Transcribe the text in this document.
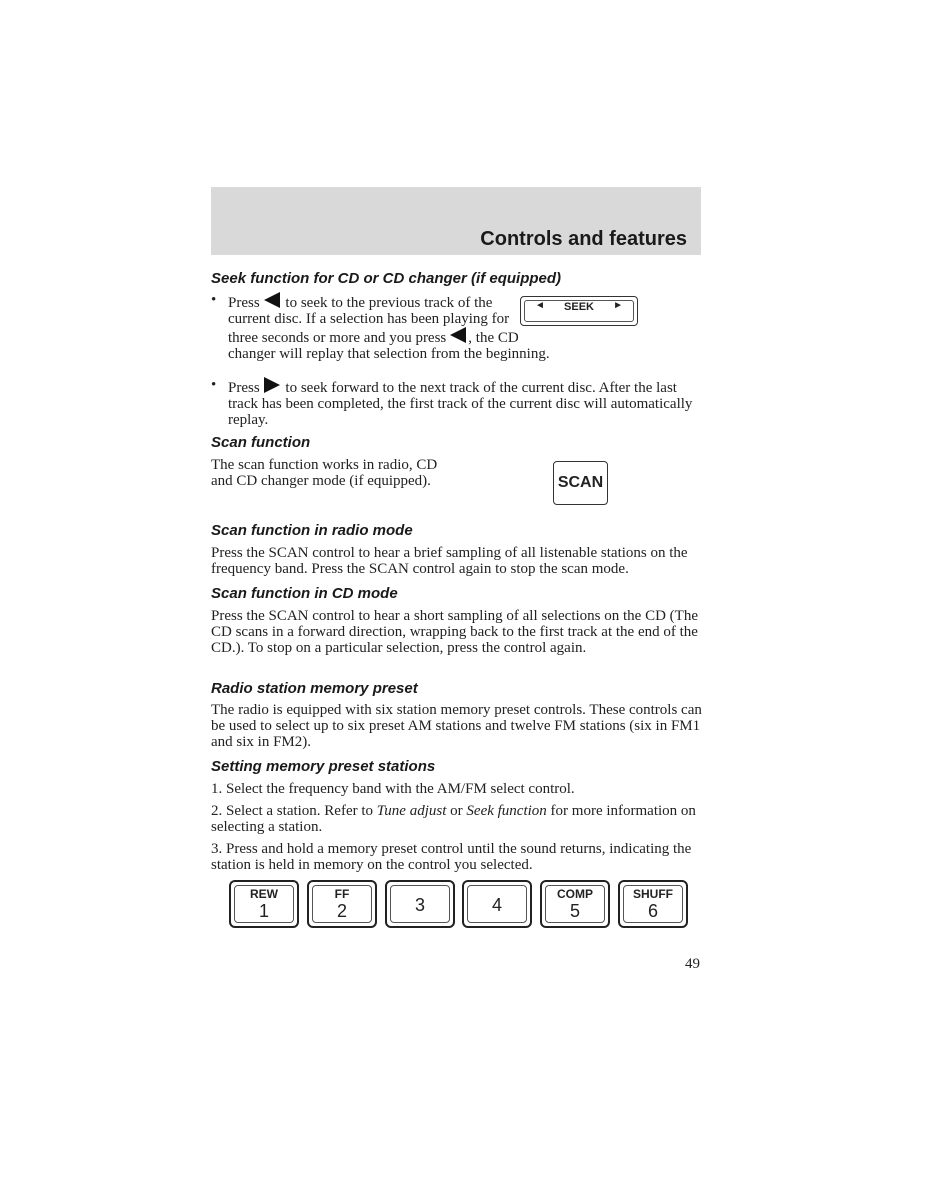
Controls and features
Seek function for CD or CD changer (if equipped)
• Press to seek to the previous track of the current disc. If a selection has been playing for three seconds or more and you press , the CD changer will replay that selection from the beginning.
◄	SEEK	►
• Press to seek forward to the next track of the current disc. After the last track has been completed, the first track of the current disc will automatically replay.
Scan function

The scan function works in radio, CD and CD changer mode (if equipped).	SCAN
Scan function in radio mode

Press the SCAN control to hear a brief sampling of all listenable stations on the frequency band. Press the SCAN control again to stop the scan mode.

Scan function in CD mode

Press the SCAN control to hear a short sampling of all selections on the CD (The CD scans in a forward direction, wrapping back to the first track at the end of the CD.). To stop on a particular selection, press the control again.

Radio station memory preset

The radio is equipped with six station memory preset controls. These controls can be used to select up to six preset AM stations and twelve FM stations (six in FM1 and six in FM2).

Setting memory preset stations

1. Select the frequency band with the AM/FM select control.

2. Select a station. Refer to Tune adjust or Seek function for more information on selecting a station.

3. Press and hold a memory preset control until the sound returns, indicating the station is held in memory on the control you selected.

REW
1
FF
2	3	4
COMP
5
SHUFF
6
49
